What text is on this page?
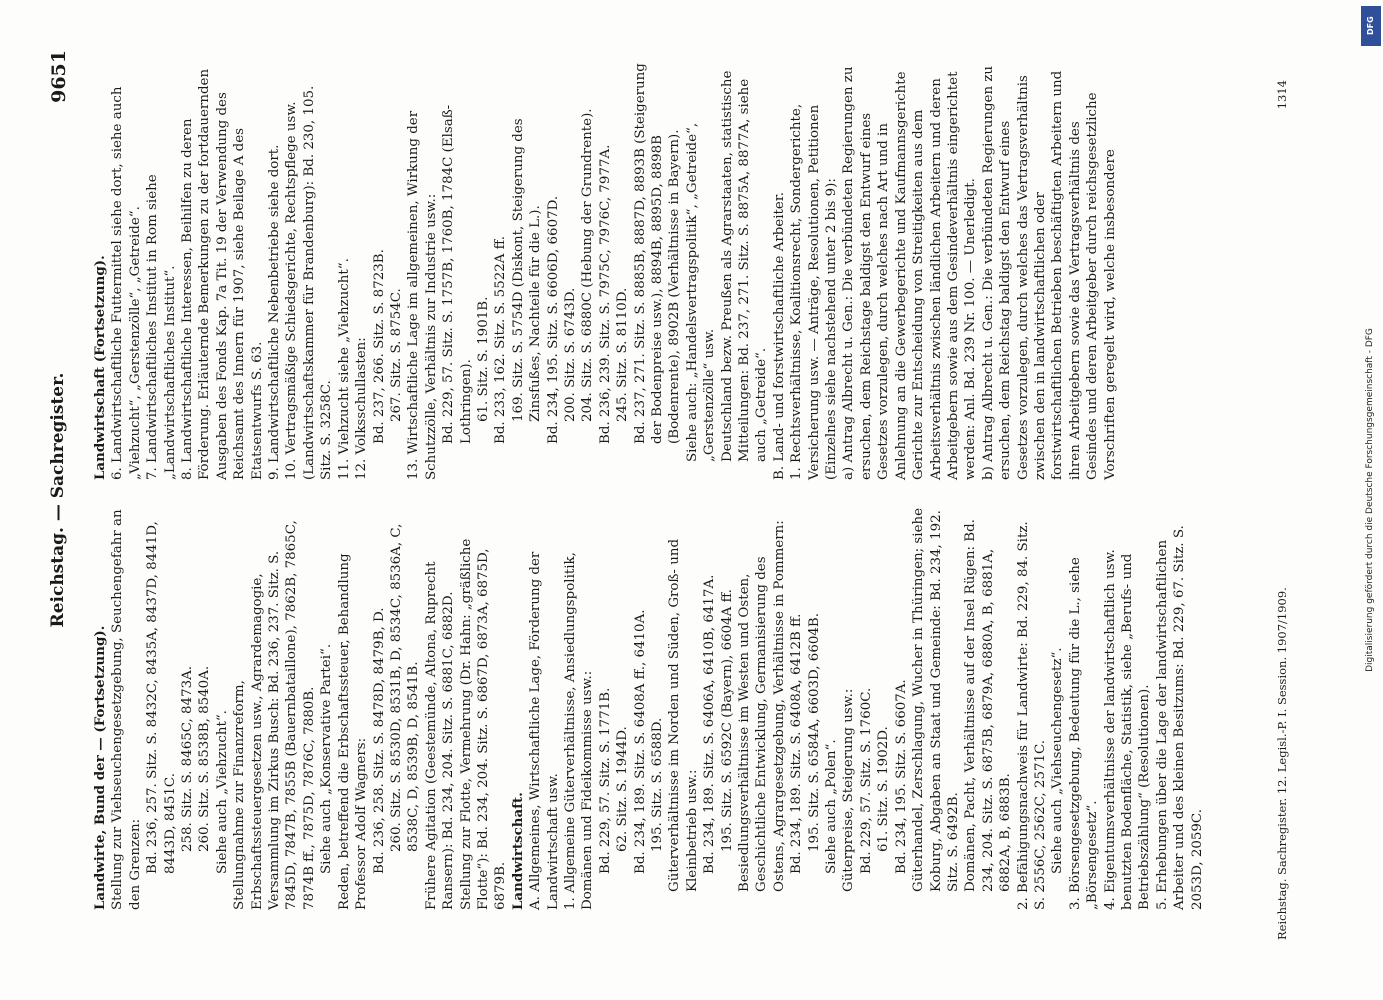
Reichstag. — Sachregister.
9651

Landwirte, Bund der — (Fortsetzung). Stellung zur Viehseuchengesetzgebung, Seuchengefahr an den Grenzen: Bd. 236, 257. Sitz. S. 8432C, 8435A, 8437D, 8441D, 8443D, 8451C. 258. Sitz. S. 8465C, 8473A. 260. Sitz. S. 8538B, 8540A. Siehe auch „Viehzucht“. Stellungnahme zur Finanzreform, Erbschaftssteuergesetzen usw., Agrardemagogie, Versammlung im Zirkus Busch: Bd. 236, 237. Sitz. S. 7845D, 7847B, 7855B (Bauernbataillone), 7862B, 7865C, 7874B ff., 7875D, 7876C, 7880B. Siehe auch „Konservative Partei“. Reden, betreffend die Erbschaftssteuer, Behandlung Professor Adolf Wagners: Bd. 236, 258. Sitz. S. 8478D, 8479B, D. 260. Sitz. S. 8530D, 8531B, D, 8534C, 8536A, C, 8538C, D, 8539B, D, 8541B. Frühere Agitation (Geestemünde, Altona, Ruprecht Ransern): Bd. 234, 204. Sitz. S. 6881C, 6882D. Stellung zur Flotte, Vermehrung (Dr. Hahn: „gräßliche Flotte“): Bd. 234, 204. Sitz. S. 6867D, 6873A, 6875D, 6879B. Landwirtschaft. A. Allgemeines, Wirtschaftliche Lage, Förderung der Landwirtschaft usw. 1. Allgemeine Güterverhältnisse, Ansiedlungspolitik, Domänen und Fideikommisse usw.: Bd. 229, 57. Sitz. S. 1771B. 62. Sitz. S. 1944D. Bd. 234, 189. Sitz. S. 6408A ff., 6410A. 195. Sitz. S. 6588D. Güterverhältnisse im Norden und Süden, Groß- und Kleinbetrieb usw.: Bd. 234, 189. Sitz. S. 6406A, 6410B, 6417A. 195. Sitz. S. 6592C (Bayern), 6604A ff. Besiedlungsverhältnisse im Westen und Osten, Geschichtliche Entwicklung, Germanisierung des Ostens, Agrargesetzgebung, Verhältnisse in Pommern: Bd. 234, 189. Sitz. S. 6408A, 6412B ff. 195. Sitz. S. 6584A, 6603D, 6604B. Siehe auch „Polen“. Güterpreise, Steigerung usw.: Bd. 229, 57. Sitz. S. 1760C. 61. Sitz. S. 1902D. Bd. 234, 195. Sitz. S. 6607A. Güterhandel, Zerschlagung, Wucher in Thüringen; siehe Koburg, Abgaben an Staat und Gemeinde: Bd. 234, 192. Sitz. S. 6492B. Domänen, Pacht, Verhältnisse auf der Insel Rügen: Bd. 234, 204. Sitz. S. 6875B, 6879A, 6880A, B, 6881A, 6882A, B, 6883B. 2. Befähigungsnachweis für Landwirte: Bd. 229, 84. Sitz. S. 2556C, 2562C, 2571C. Siehe auch „Viehseuchengesetz“. 3. Börsengesetzgebung, Bedeutung für die L., siehe „Börsengesetz“. 4. Eigentumsverhältnisse der landwirtschaftlich usw. benutzten Bodenfläche, Statistik, siehe „Berufs- und Betriebszählung“ (Resolutionen). 5. Erhebungen über die Lage der landwirtschaftlichen Arbeiter und des kleinen Besitzums: Bd. 229, 67. Sitz. S. 2053D, 2059C.

Landwirtschaft (Fortsetzung). 6. Landwirtschaftliche Futtermittel siehe dort, siehe auch „Viehzucht“, „Gerstenzölle“, „Getreide“. 7. Landwirtschaftliches Institut in Rom siehe „Landwirtschaftliches Institut“. 8. Landwirtschaftliche Interessen, Beihilfen zu deren Förderung. Erläuternde Bemerkungen zu der fortdauernden Ausgaben des Fonds Kap. 7a Tit. 19 der Verwendung des Reichsamt des Innern für 1907, siehe Beilage A des Etatsentwurfs S. 63. 9. Landwirtschaftliche Nebenbetriebe siehe dort. 10. Vertragsmäßige Schiedsgerichte, Rechtspflege usw. (Landwirtschaftskammer für Brandenburg): Bd. 230, 105. Sitz. S. 3258C. 11. Viehzucht siehe „Viehzucht“. 12. Volksschullasten: Bd. 237, 266. Sitz. S. 8723B. 267. Sitz. S. 8754C. 13. Wirtschaftliche Lage im allgemeinen, Wirkung der Schutzzölle, Verhältnis zur Industrie usw.: Bd. 229, 57. Sitz. S. 1757B, 1760B, 1784C (Elsaß-Lothringen). 61. Sitz. S. 1901B. Bd. 233, 162. Sitz. S. 5522A ff. 169. Sitz. S. 5754D (Diskont, Steigerung des Zinsfußes, Nachteile für die L.). Bd. 234, 195. Sitz. S. 6606D, 6607D. 200. Sitz. S. 6743D. 204. Sitz. S. 6880C (Hebung der Grundrente). Bd. 236, 239. Sitz. S. 7975C, 7976C, 7977A. 245. Sitz. S. 8110D. Bd. 237, 271. Sitz. S. 8885B, 8887D, 8893B (Steigerung der Bodenpreise usw.), 8894B, 8895D, 8898B (Bodenrente), 8902B (Verhältnisse in Bayern). Siehe auch: „Handelsvertragspolitik“, „Getreide“, „Gerstenzölle“ usw. Deutschland bezw. Preußen als Agrarstaaten, statistische Mitteilungen: Bd. 237, 271. Sitz. S. 8875A, 8877A, siehe auch „Getreide“. B. Land- und forstwirtschaftliche Arbeiter. 1. Rechtsverhältnisse, Koalitionsrecht, Sondergerichte, Versicherung usw. — Anträge, Resolutionen, Petitionen (Einzelnes siehe nachstehend unter 2 bis 9): a) Antrag Albrecht u. Gen.: Die verbündeten Regierungen zu ersuchen, dem Reichstage baldigst den Entwurf eines Gesetzes vorzulegen, durch welches nach Art und in Anlehnung an die Gewerbegerichte und Kaufmannsgerichte Gerichte zur Entscheidung von Streitigkeiten aus dem Arbeitsverhältnis zwischen ländlichen Arbeitern und deren Arbeitgebern sowie aus dem Gesindeverhältnis eingerichtet werden: Anl. Bd. 239 Nr. 100. — Unerledigt. b) Antrag Albrecht u. Gen.: Die verbündeten Regierungen zu ersuchen, dem Reichstag baldigst den Entwurf eines Gesetzes vorzulegen, durch welches das Vertragsverhältnis zwischen den in landwirtschaftlichen oder forstwirtschaftlichen Betrieben beschäftigten Arbeitern und ihren Arbeitgebern sowie das Vertragsverhältnis des Gesindes und deren Arbeitgeber durch reichsgesetzliche Vorschriften geregelt wird, welche insbesondere

Reichstag. Sachregister. 12. Legisl.-P. I. Session. 1907/1909.
1314
Digitalisierung gefördert durch die Deutsche Forschungsgemeinschaft - DFG
DFG
